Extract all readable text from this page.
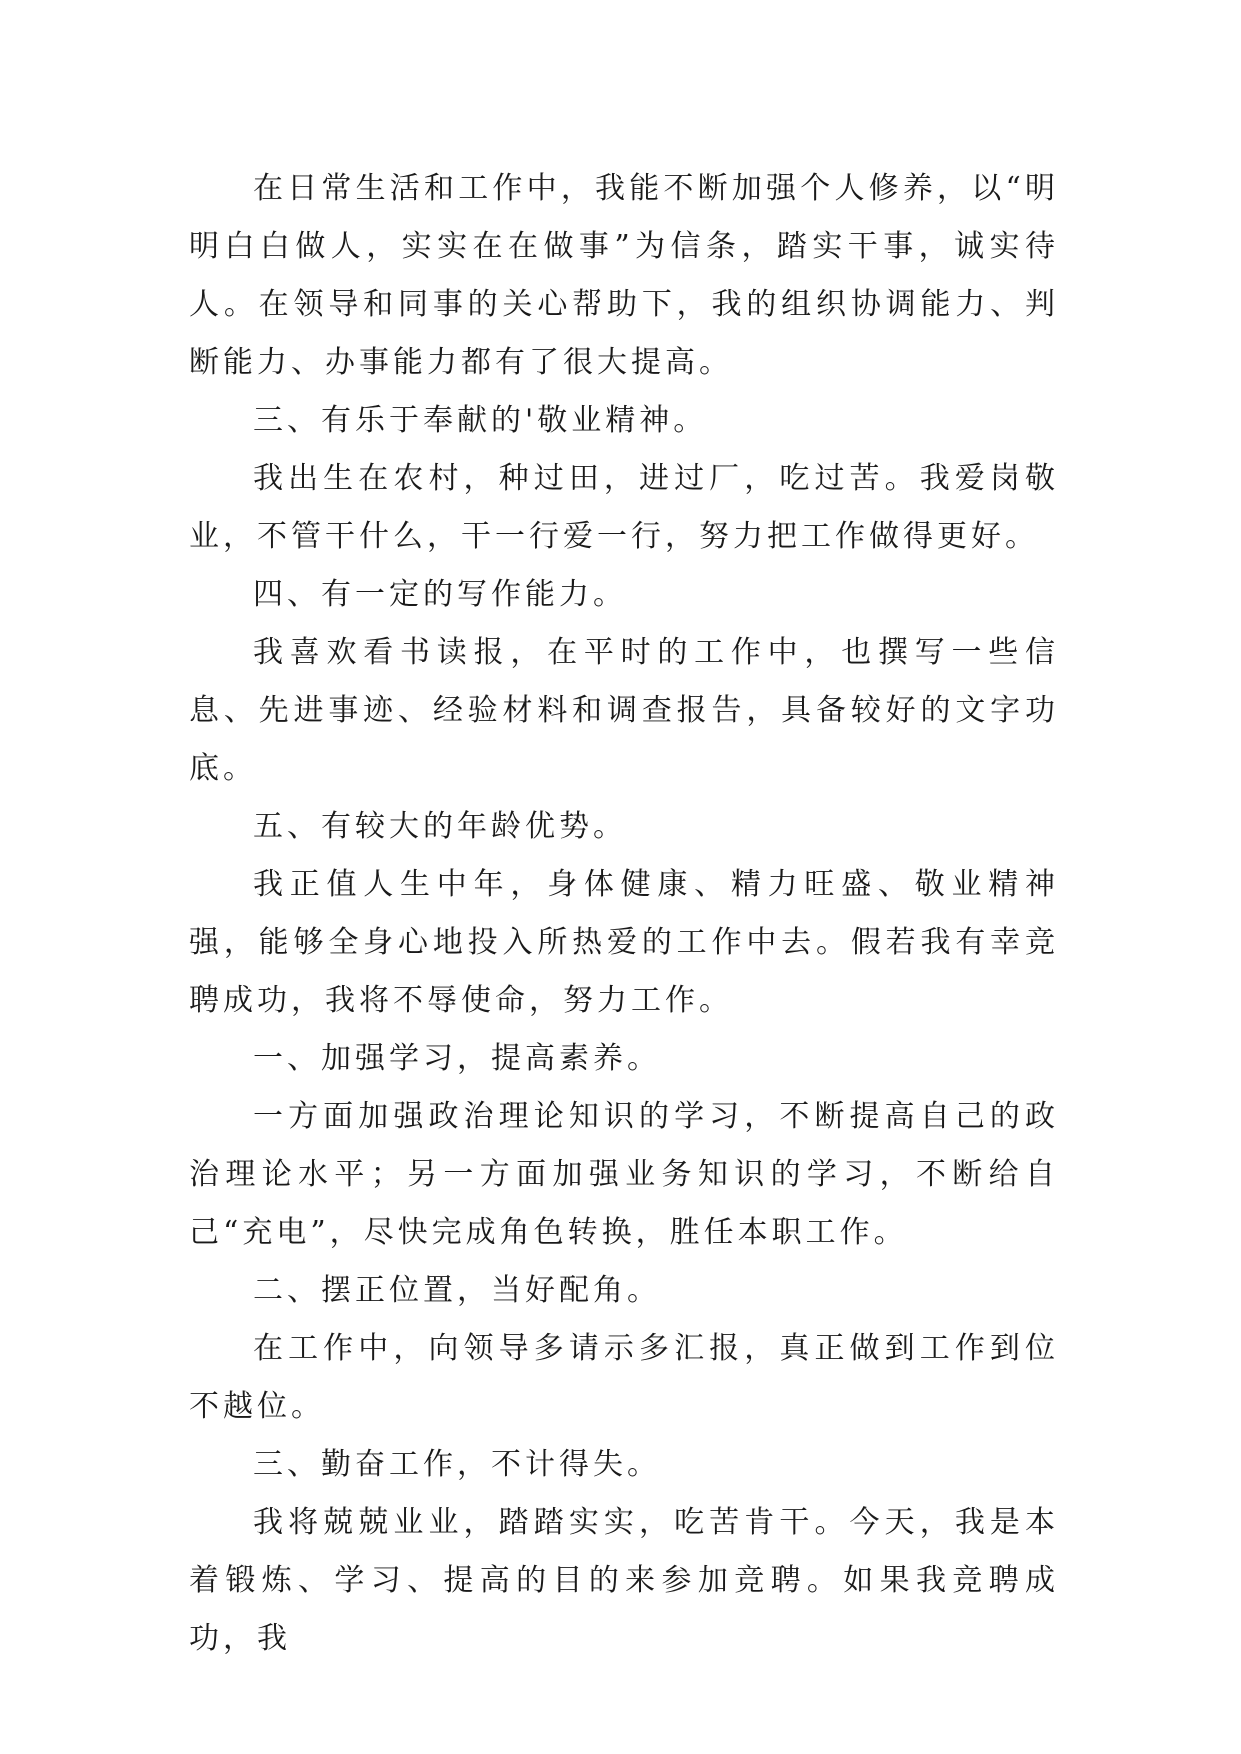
在日常生活和工作中，我能不断加强个人修养，以“明明白白做人，实实在在做事”为信条，踏实干事，诚实待人。在领导和同事的关心帮助下，我的组织协调能力、判断能力、办事能力都有了很大提高。

三、有乐于奉献的'敬业精神。

我出生在农村，种过田，进过厂，吃过苦。我爱岗敬业，不管干什么，干一行爱一行，努力把工作做得更好。

四、有一定的写作能力。

我喜欢看书读报，在平时的工作中，也撰写一些信息、先进事迹、经验材料和调查报告，具备较好的文字功底。

五、有较大的年龄优势。

我正值人生中年，身体健康、精力旺盛、敬业精神强，能够全身心地投入所热爱的工作中去。假若我有幸竞聘成功，我将不辱使命，努力工作。

一、加强学习，提高素养。

一方面加强政治理论知识的学习，不断提高自己的政治理论水平；另一方面加强业务知识的学习，不断给自己“充电”，尽快完成角色转换，胜任本职工作。

二、摆正位置，当好配角。

在工作中，向领导多请示多汇报，真正做到工作到位不越位。

三、勤奋工作，不计得失。

我将兢兢业业，踏踏实实，吃苦肯干。今天，我是本着锻炼、学习、提高的目的来参加竞聘。如果我竞聘成功，我
